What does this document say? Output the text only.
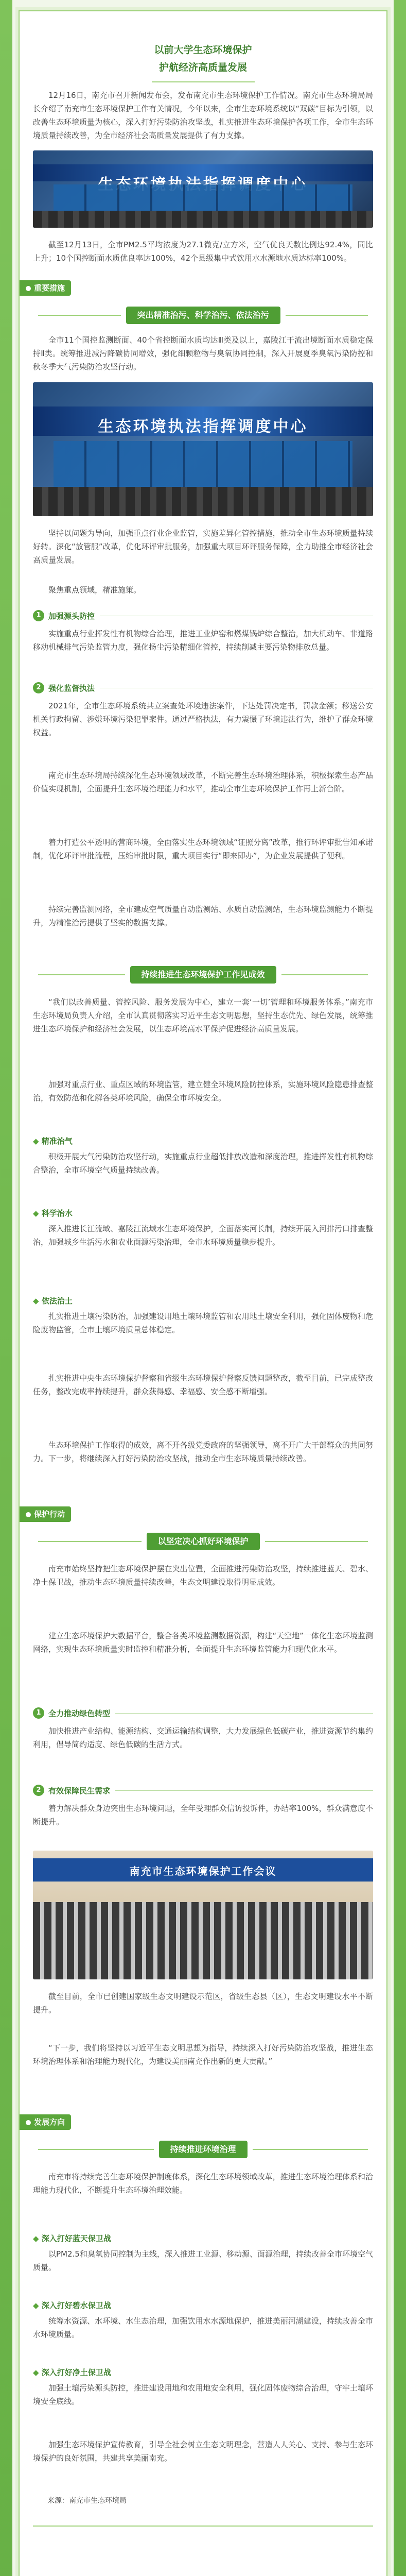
以前大学生态环境保护
护航经济高质量发展
12月16日，南充市召开新闻发布会，发布南充市生态环境保护工作情况。南充市生态环境局局长介绍了南充市生态环境保护工作有关情况，今年以来，全市生态环境系统以“双碳”目标为引领，以改善生态环境质量为核心，深入打好污染防治攻坚战，扎实推进生态环境保护各项工作，全市生态环境质量持续改善，为全市经济社会高质量发展提供了有力支撑。
截至12月13日，全市PM2.5平均浓度为27.1微克/立方米，空气优良天数比例达92.4%，同比上升；10个国控断面水质优良率达100%，42个县级集中式饮用水水源地水质达标率100%。
重要措施
突出精准治污、科学治污、依法治污
全市11个国控监测断面、40个省控断面水质均达Ⅲ类及以上，嘉陵江干流出境断面水质稳定保持Ⅱ类。统筹推进减污降碳协同增效，强化细颗粒物与臭氧协同控制，深入开展夏季臭氧污染防控和秋冬季大气污染防治攻坚行动。
生态环境执法指挥调度中心
坚持以问题为导向，加强重点行业企业监管，实施差异化管控措施，推动全市生态环境质量持续好转。深化“放管服”改革，优化环评审批服务，加强重大项目环评服务保障，全力助推全市经济社会高质量发展。
聚焦重点领域，精准施策。
1 加强源头防控
实施重点行业挥发性有机物综合治理，推进工业炉窑和燃煤锅炉综合整治，加大机动车、非道路移动机械排气污染监管力度，强化扬尘污染精细化管控，持续削减主要污染物排放总量。
2 强化监督执法
2021年，全市生态环境系统共立案查处环境违法案件，下达处罚决定书，罚款金额；移送公安机关行政拘留、涉嫌环境污染犯罪案件。通过严格执法，有力震慑了环境违法行为，维护了群众环境权益。
南充市生态环境局持续深化生态环境领域改革，不断完善生态环境治理体系，积极探索生态产品价值实现机制，全面提升生态环境治理能力和水平，推动全市生态环境保护工作再上新台阶。
着力打造公平透明的营商环境，全面落实生态环境领域“证照分离”改革，推行环评审批告知承诺制，优化环评审批流程，压缩审批时限，重大项目实行“即来即办”，为企业发展提供了便利。
持续完善监测网络，全市建成空气质量自动监测站、水质自动监测站，生态环境监测能力不断提升，为精准治污提供了坚实的数据支撑。
持续推进生态环境保护工作见成效
“我们以改善质量、管控风险、服务发展为中心，建立一套‘一切’管理和环境服务体系。”南充市生态环境局负责人介绍，全市认真贯彻落实习近平生态文明思想，坚持生态优先、绿色发展，统筹推进生态环境保护和经济社会发展，以生态环境高水平保护促进经济高质量发展。
加强对重点行业、重点区域的环境监管，建立健全环境风险防控体系，实施环境风险隐患排查整治，有效防范和化解各类环境风险，确保全市环境安全。
◆ 精准治气
积极开展大气污染防治攻坚行动，实施重点行业超低排放改造和深度治理，推进挥发性有机物综合整治，全市环境空气质量持续改善。
◆ 科学治水
深入推进长江流域、嘉陵江流域水生态环境保护，全面落实河长制，持续开展入河排污口排查整治，加强城乡生活污水和农业面源污染治理，全市水环境质量稳步提升。
◆ 依法治土
扎实推进土壤污染防治，加强建设用地土壤环境监管和农用地土壤安全利用，强化固体废物和危险废物监管，全市土壤环境质量总体稳定。
扎实推进中央生态环境保护督察和省级生态环境保护督察反馈问题整改，截至目前，已完成整改任务，整改完成率持续提升，群众获得感、幸福感、安全感不断增强。
生态环境保护工作取得的成效，离不开各级党委政府的坚强领导，离不开广大干部群众的共同努力。下一步，将继续深入打好污染防治攻坚战，推动全市生态环境质量持续改善。
保护行动
以坚定决心抓好环境保护
南充市始终坚持把生态环境保护摆在突出位置，全面推进污染防治攻坚，持续推进蓝天、碧水、净土保卫战，推动生态环境质量持续改善，生态文明建设取得明显成效。
建立生态环境保护大数据平台，整合各类环境监测数据资源，构建“天空地”一体化生态环境监测网络，实现生态环境质量实时监控和精准分析，全面提升生态环境监管能力和现代化水平。
1 全力推动绿色转型
加快推进产业结构、能源结构、交通运输结构调整，大力发展绿色低碳产业，推进资源节约集约利用，倡导简约适度、绿色低碳的生活方式。
2 有效保障民生需求
着力解决群众身边突出生态环境问题，全年受理群众信访投诉件，办结率100%，群众满意度不断提升。
南充市生态环境保护工作会议
截至目前，全市已创建国家级生态文明建设示范区，省级生态县（区），生态文明建设水平不断提升。
“下一步，我们将坚持以习近平生态文明思想为指导，持续深入打好污染防治攻坚战，推进生态环境治理体系和治理能力现代化，为建设美丽南充作出新的更大贡献。”
发展方向
持续推进环境治理
南充市将持续完善生态环境保护制度体系，深化生态环境领域改革，推进生态环境治理体系和治理能力现代化，不断提升生态环境治理效能。
◆ 深入打好蓝天保卫战
以PM2.5和臭氧协同控制为主线，深入推进工业源、移动源、面源治理，持续改善全市环境空气质量。
◆ 深入打好碧水保卫战
统筹水资源、水环境、水生态治理，加强饮用水水源地保护，推进美丽河湖建设，持续改善全市水环境质量。
◆ 深入打好净土保卫战
加强土壤污染源头防控，推进建设用地和农用地安全利用，强化固体废物综合治理，守牢土壤环境安全底线。
加强生态环境保护宣传教育，引导全社会树立生态文明理念，营造人人关心、支持、参与生态环境保护的良好氛围，共建共享美丽南充。
来源：南充市生态环境局
